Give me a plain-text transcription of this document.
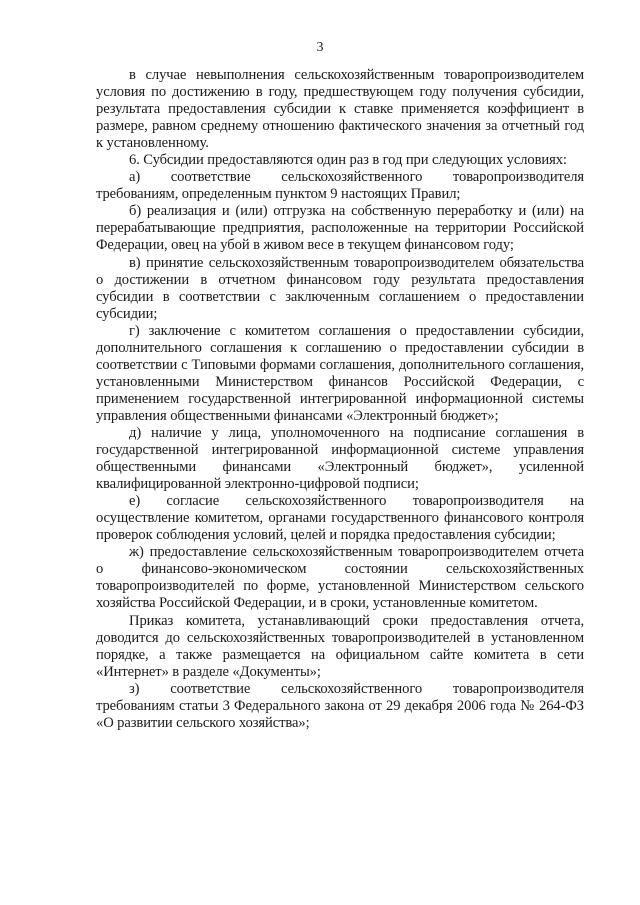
3

в случае невыполнения сельскохозяйственным товаропроизводителем условия по достижению в году, предшествующем году получения субсидии, результата предоставления субсидии к ставке применяется коэффициент в размере, равном среднему отношению фактического значения за отчетный год к установленному.

6. Субсидии предоставляются один раз в год при следующих условиях:

а) соответствие сельскохозяйственного товаропроизводителя требованиям, определенным пунктом 9 настоящих Правил;

б) реализация и (или) отгрузка на собственную переработку и (или) на перерабатывающие предприятия, расположенные на территории Российской Федерации, овец на убой в живом весе в текущем финансовом году;

в) принятие сельскохозяйственным товаропроизводителем обязательства о достижении в отчетном финансовом году результата предоставления субсидии в соответствии с заключенным соглашением о предоставлении субсидии;

г) заключение с комитетом соглашения о предоставлении субсидии, дополнительного соглашения к соглашению о предоставлении субсидии в соответствии с Типовыми формами соглашения, дополнительного соглашения, установленными Министерством финансов Российской Федерации, с применением государственной интегрированной информационной системы управления общественными финансами «Электронный бюджет»;

д) наличие у лица, уполномоченного на подписание соглашения в государственной интегрированной информационной системе управления общественными финансами «Электронный бюджет», усиленной квалифицированной электронно-цифровой подписи;

е) согласие сельскохозяйственного товаропроизводителя на осуществление комитетом, органами государственного финансового контроля проверок соблюдения условий, целей и порядка предоставления субсидии;

ж) предоставление сельскохозяйственным товаропроизводителем отчета о финансово-экономическом состоянии сельскохозяйственных товаропроизводителей по форме, установленной Министерством сельского хозяйства Российской Федерации, и в сроки, установленные комитетом.

Приказ комитета, устанавливающий сроки предоставления отчета, доводится до сельскохозяйственных товаропроизводителей в установленном порядке, а также размещается на официальном сайте комитета в сети «Интернет» в разделе «Документы»;

з) соответствие сельскохозяйственного товаропроизводителя требованиям статьи 3 Федерального закона от 29 декабря 2006 года № 264-ФЗ «О развитии сельского хозяйства»;
